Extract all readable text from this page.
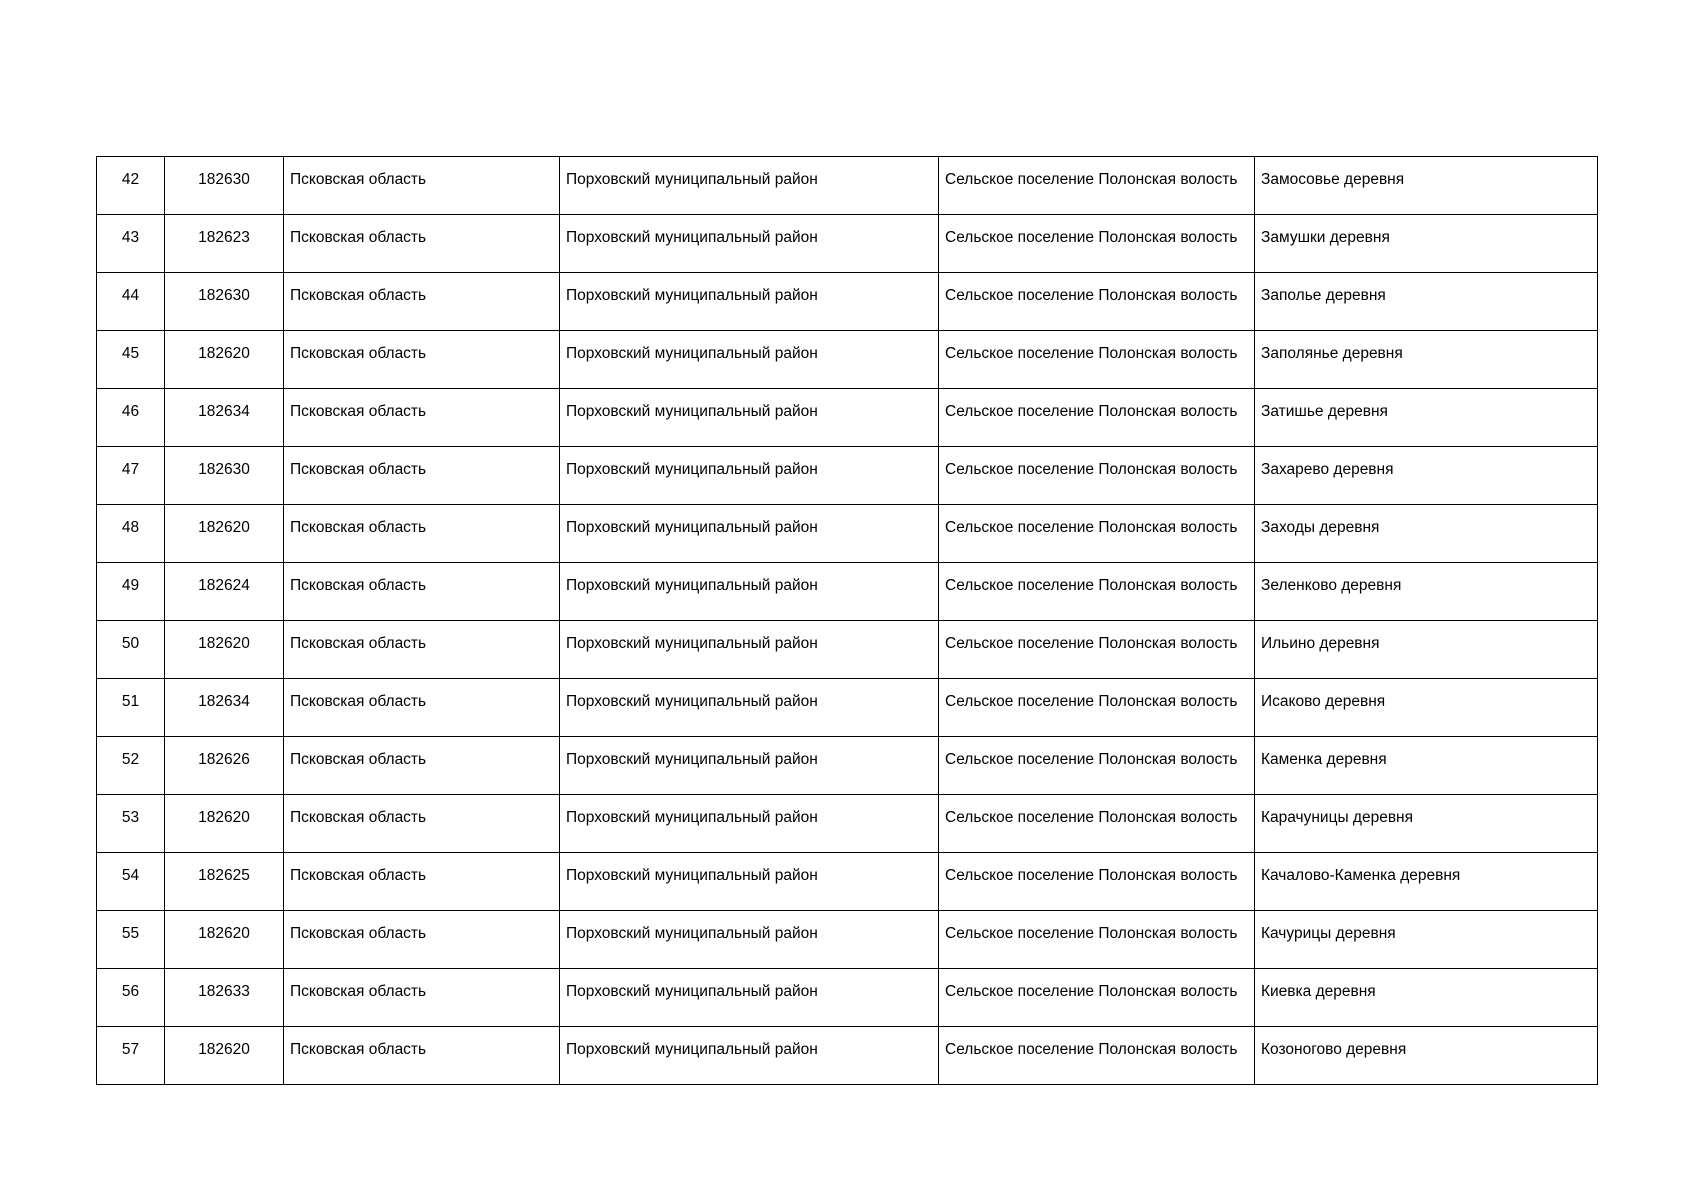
42	182630	Псковская область	Порховский муниципальный район	Сельское поселение Полонская волость	Замосовье деревня
43	182623	Псковская область	Порховский муниципальный район	Сельское поселение Полонская волость	Замушки деревня
44	182630	Псковская область	Порховский муниципальный район	Сельское поселение Полонская волость	Заполье деревня
45	182620	Псковская область	Порховский муниципальный район	Сельское поселение Полонская волость	Заполянье деревня
46	182634	Псковская область	Порховский муниципальный район	Сельское поселение Полонская волость	Затишье деревня
47	182630	Псковская область	Порховский муниципальный район	Сельское поселение Полонская волость	Захарево деревня
48	182620	Псковская область	Порховский муниципальный район	Сельское поселение Полонская волость	Заходы деревня
49	182624	Псковская область	Порховский муниципальный район	Сельское поселение Полонская волость	Зеленково деревня
50	182620	Псковская область	Порховский муниципальный район	Сельское поселение Полонская волость	Ильино деревня
51	182634	Псковская область	Порховский муниципальный район	Сельское поселение Полонская волость	Исаково деревня
52	182626	Псковская область	Порховский муниципальный район	Сельское поселение Полонская волость	Каменка деревня
53	182620	Псковская область	Порховский муниципальный район	Сельское поселение Полонская волость	Карачуницы деревня
54	182625	Псковская область	Порховский муниципальный район	Сельское поселение Полонская волость	Качалово-Каменка деревня
55	182620	Псковская область	Порховский муниципальный район	Сельское поселение Полонская волость	Качурицы деревня
56	182633	Псковская область	Порховский муниципальный район	Сельское поселение Полонская волость	Киевка деревня
57	182620	Псковская область	Порховский муниципальный район	Сельское поселение Полонская волость	Козоногово деревня
